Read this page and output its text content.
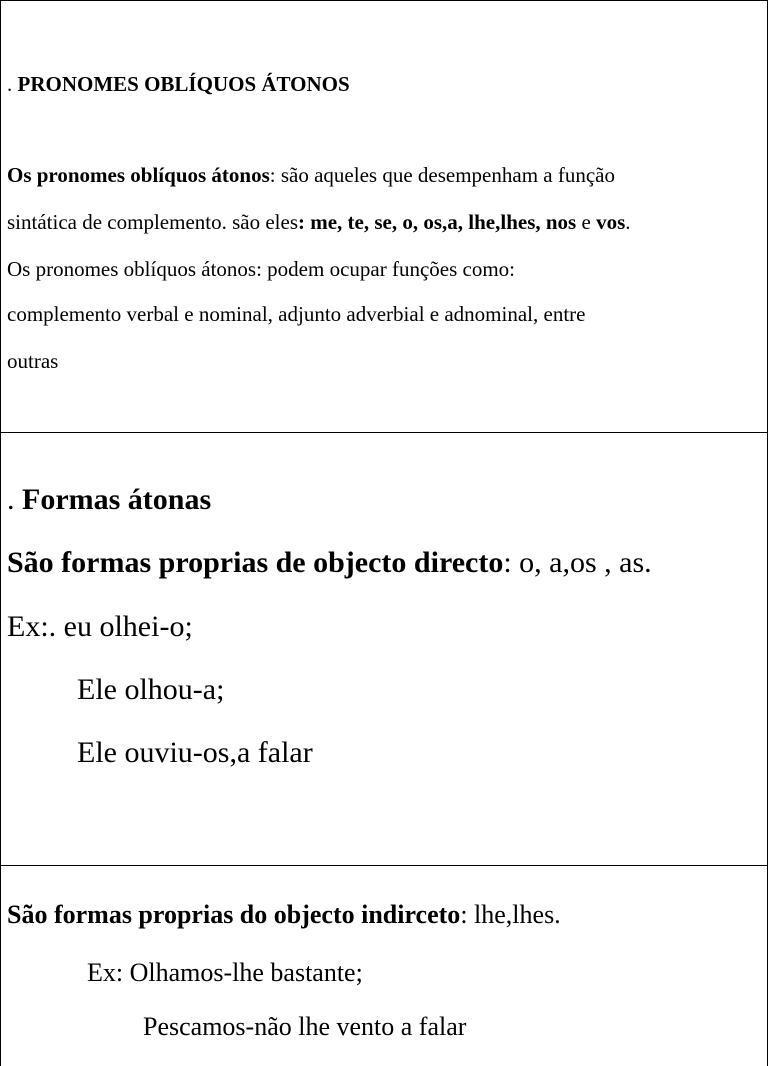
. PRONOMES OBLÍQUOS ÁTONOS
Os pronomes oblíquos átonos: são aqueles que desempenham a função
sintática de complemento. são eles: me, te, se, o, os,a, lhe,lhes, nos e vos.
Os pronomes oblíquos átonos: podem ocupar funções como:
complemento verbal e nominal, adjunto adverbial e adnominal, entre
outras
. Formas átonas
São formas proprias de objecto directo: o, a,os , as.
Ex:. eu olhei-o;
Ele olhou-a;
Ele ouviu-os,a falar
São formas proprias do objecto indirceto: lhe,lhes.
Ex: Olhamos-lhe bastante;
Pescamos-não lhe vento a falar
